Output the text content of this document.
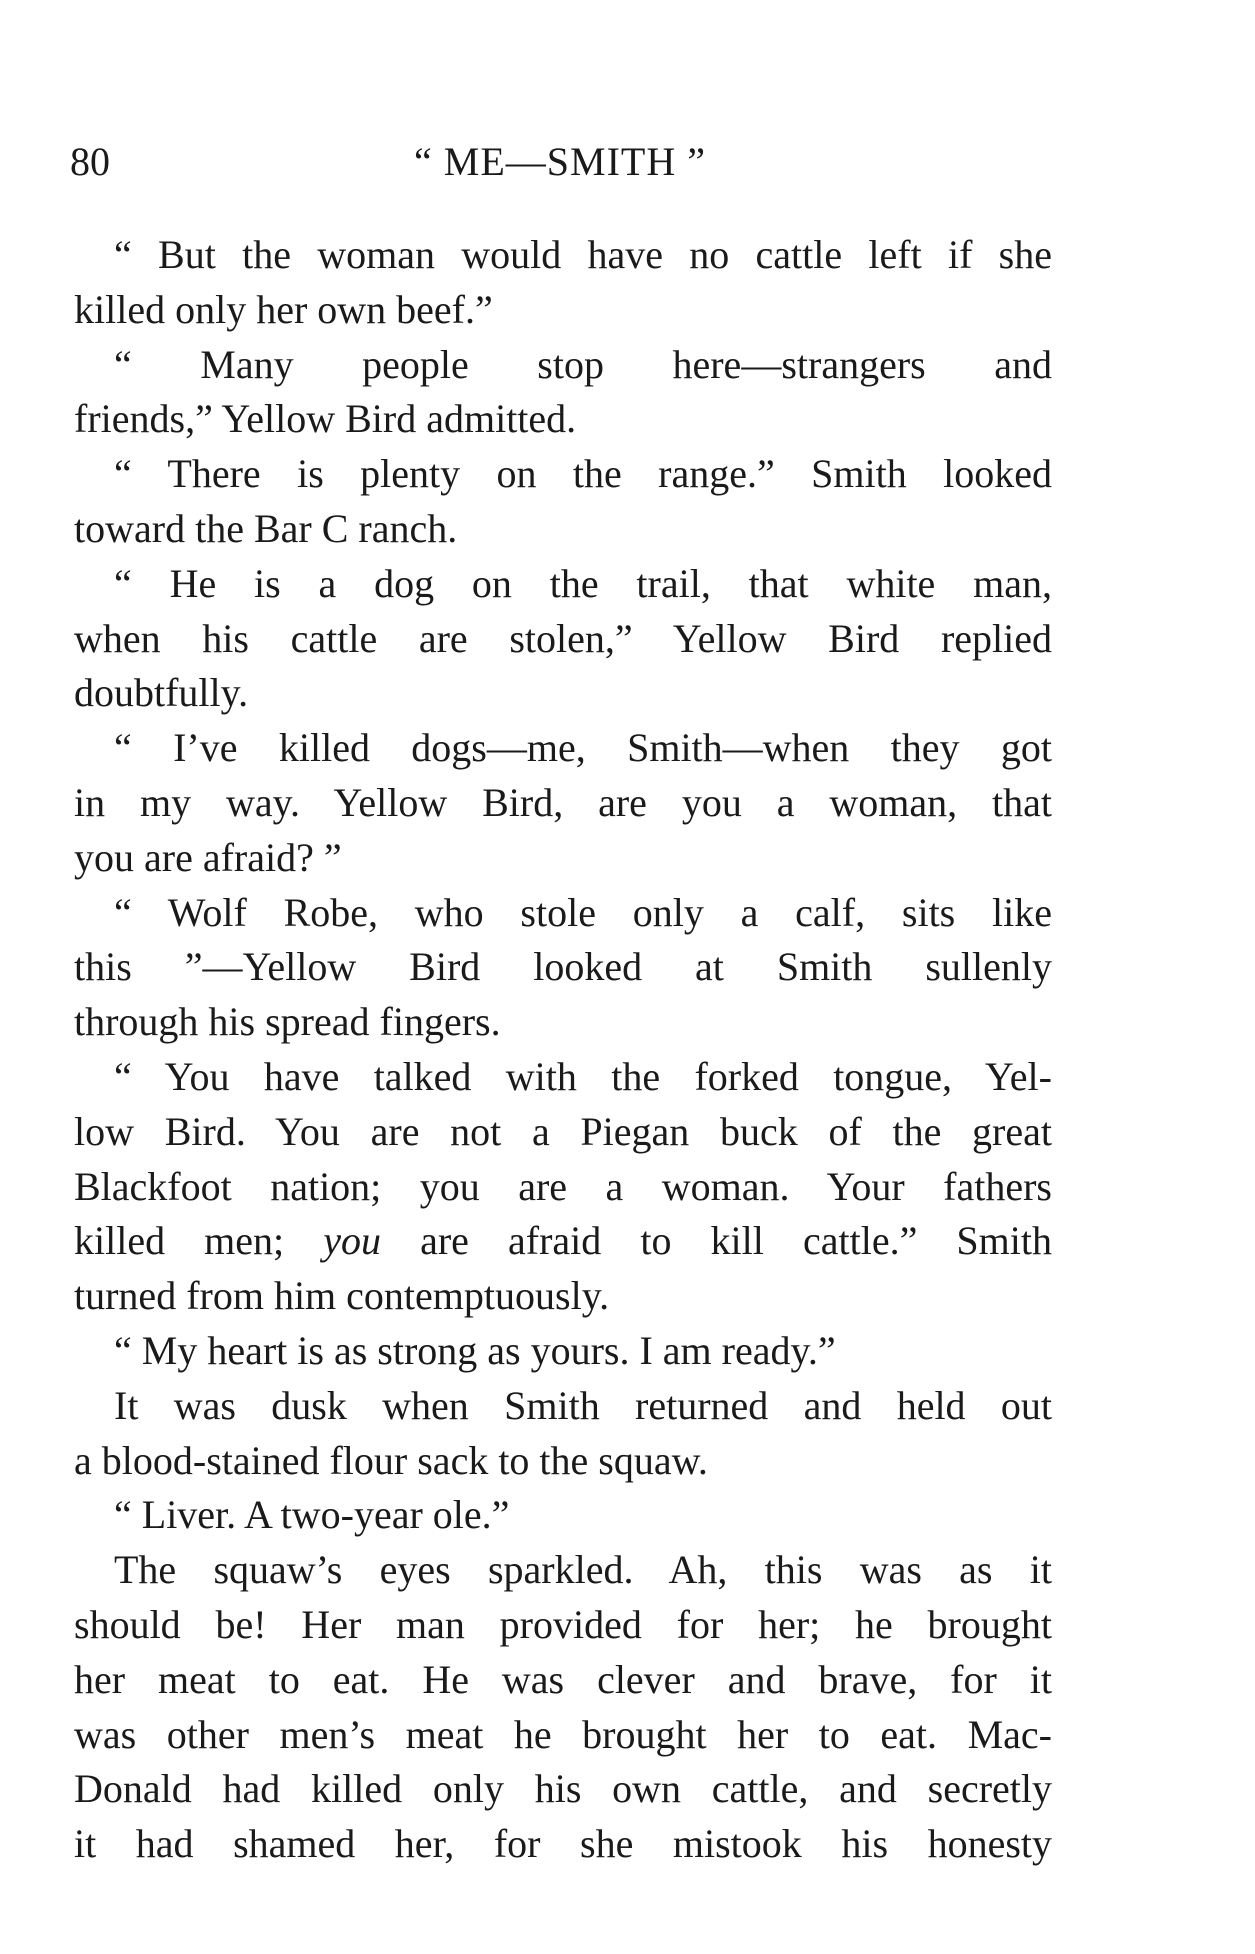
80	“ ME—SMITH ”
“ But the woman would have no cattle left if she
killed only her own beef.”
“ Many people stop here—strangers and
friends,” Yellow Bird admitted.
“ There is plenty on the range.” Smith looked
toward the Bar C ranch.
“ He is a dog on the trail, that white man,
when his cattle are stolen,” Yellow Bird replied
doubtfully.
“ I’ve killed dogs—me, Smith—when they got
in my way. Yellow Bird, are you a woman, that
you are afraid? ”
“ Wolf Robe, who stole only a calf, sits like
this ”—Yellow Bird looked at Smith sullenly
through his spread fingers.
“ You have talked with the forked tongue, Yel-
low Bird. You are not a Piegan buck of the great
Blackfoot nation; you are a woman. Your fathers
killed men; you are afraid to kill cattle.” Smith
turned from him contemptuously.
“ My heart is as strong as yours. I am ready.”
It was dusk when Smith returned and held out
a blood-stained flour sack to the squaw.
“ Liver. A two-year ole.”
The squaw’s eyes sparkled. Ah, this was as it
should be! Her man provided for her; he brought
her meat to eat. He was clever and brave, for it
was other men’s meat he brought her to eat. Mac-
Donald had killed only his own cattle, and secretly
it had shamed her, for she mistook his honesty
